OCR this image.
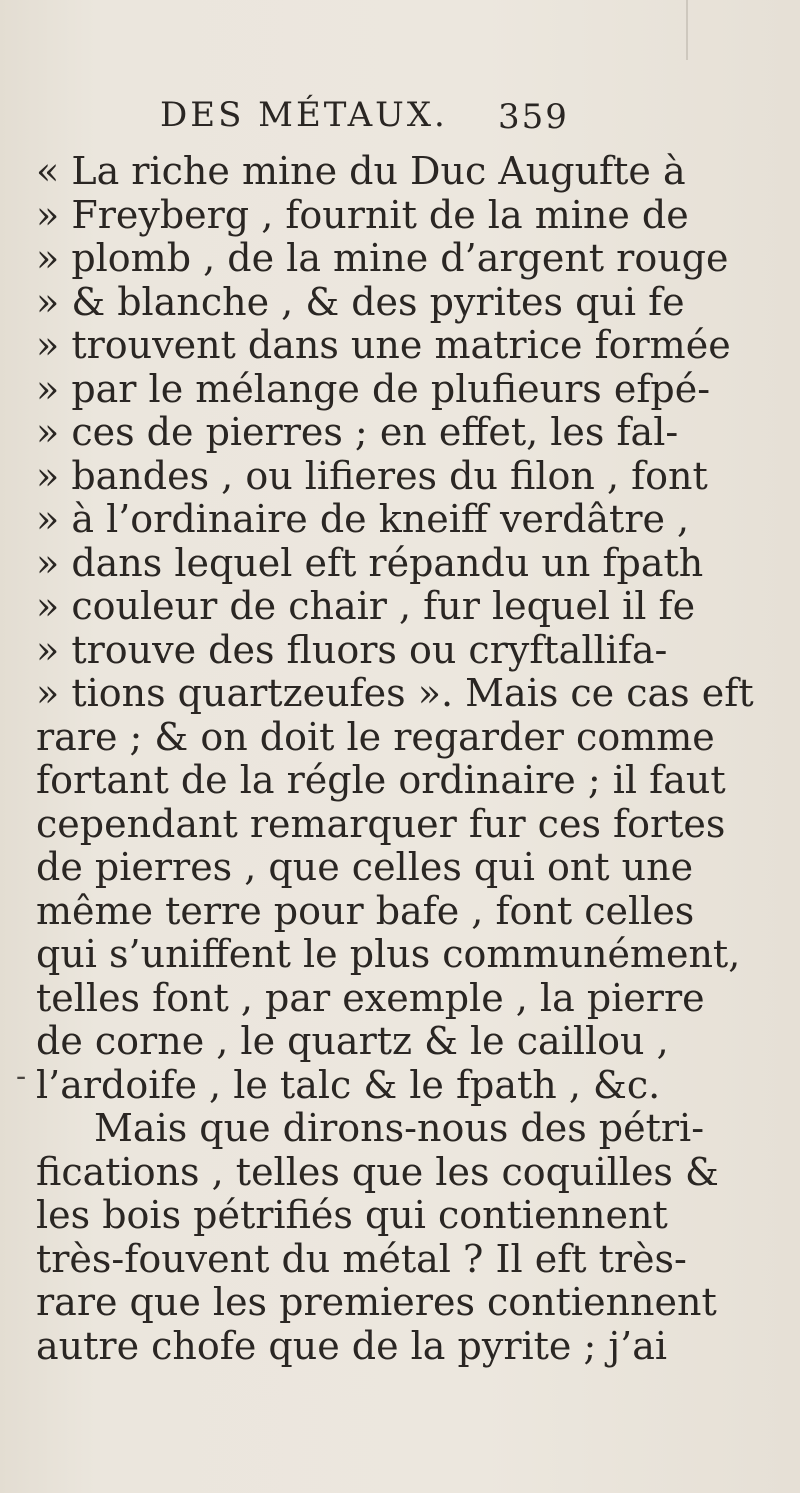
DES MÉTAUX. 359
-
« La riche mine du Duc Augufte à
» Freyberg , fournit de la mine de
» plomb , de la mine d’argent rouge
» & blanche , & des pyrites qui fe
» trouvent dans une matrice formée
» par le mélange de plufieurs efpé-
» ces de pierres ; en effet, les fal-
» bandes , ou lifieres du filon , font
» à l’ordinaire de kneiff verdâtre ,
» dans lequel eft répandu un fpath
» couleur de chair , fur lequel il fe
» trouve des fluors ou cryftallifa-
» tions quartzeufes ». Mais ce cas eft
rare ; & on doit le regarder comme
fortant de la régle ordinaire ; il faut
cependant remarquer fur ces fortes
de pierres , que celles qui ont une
même terre pour bafe , font celles
qui s’uniffent le plus communément,
telles font , par exemple , la pierre
de corne , le quartz & le caillou ,
l’ardoife , le talc & le fpath , &c.
Mais que dirons-nous des pétri-
fications , telles que les coquilles &
les bois pétrifiés qui contiennent
très-fouvent du métal ? Il eft très-
rare que les premieres contiennent
autre chofe que de la pyrite ; j’ai
